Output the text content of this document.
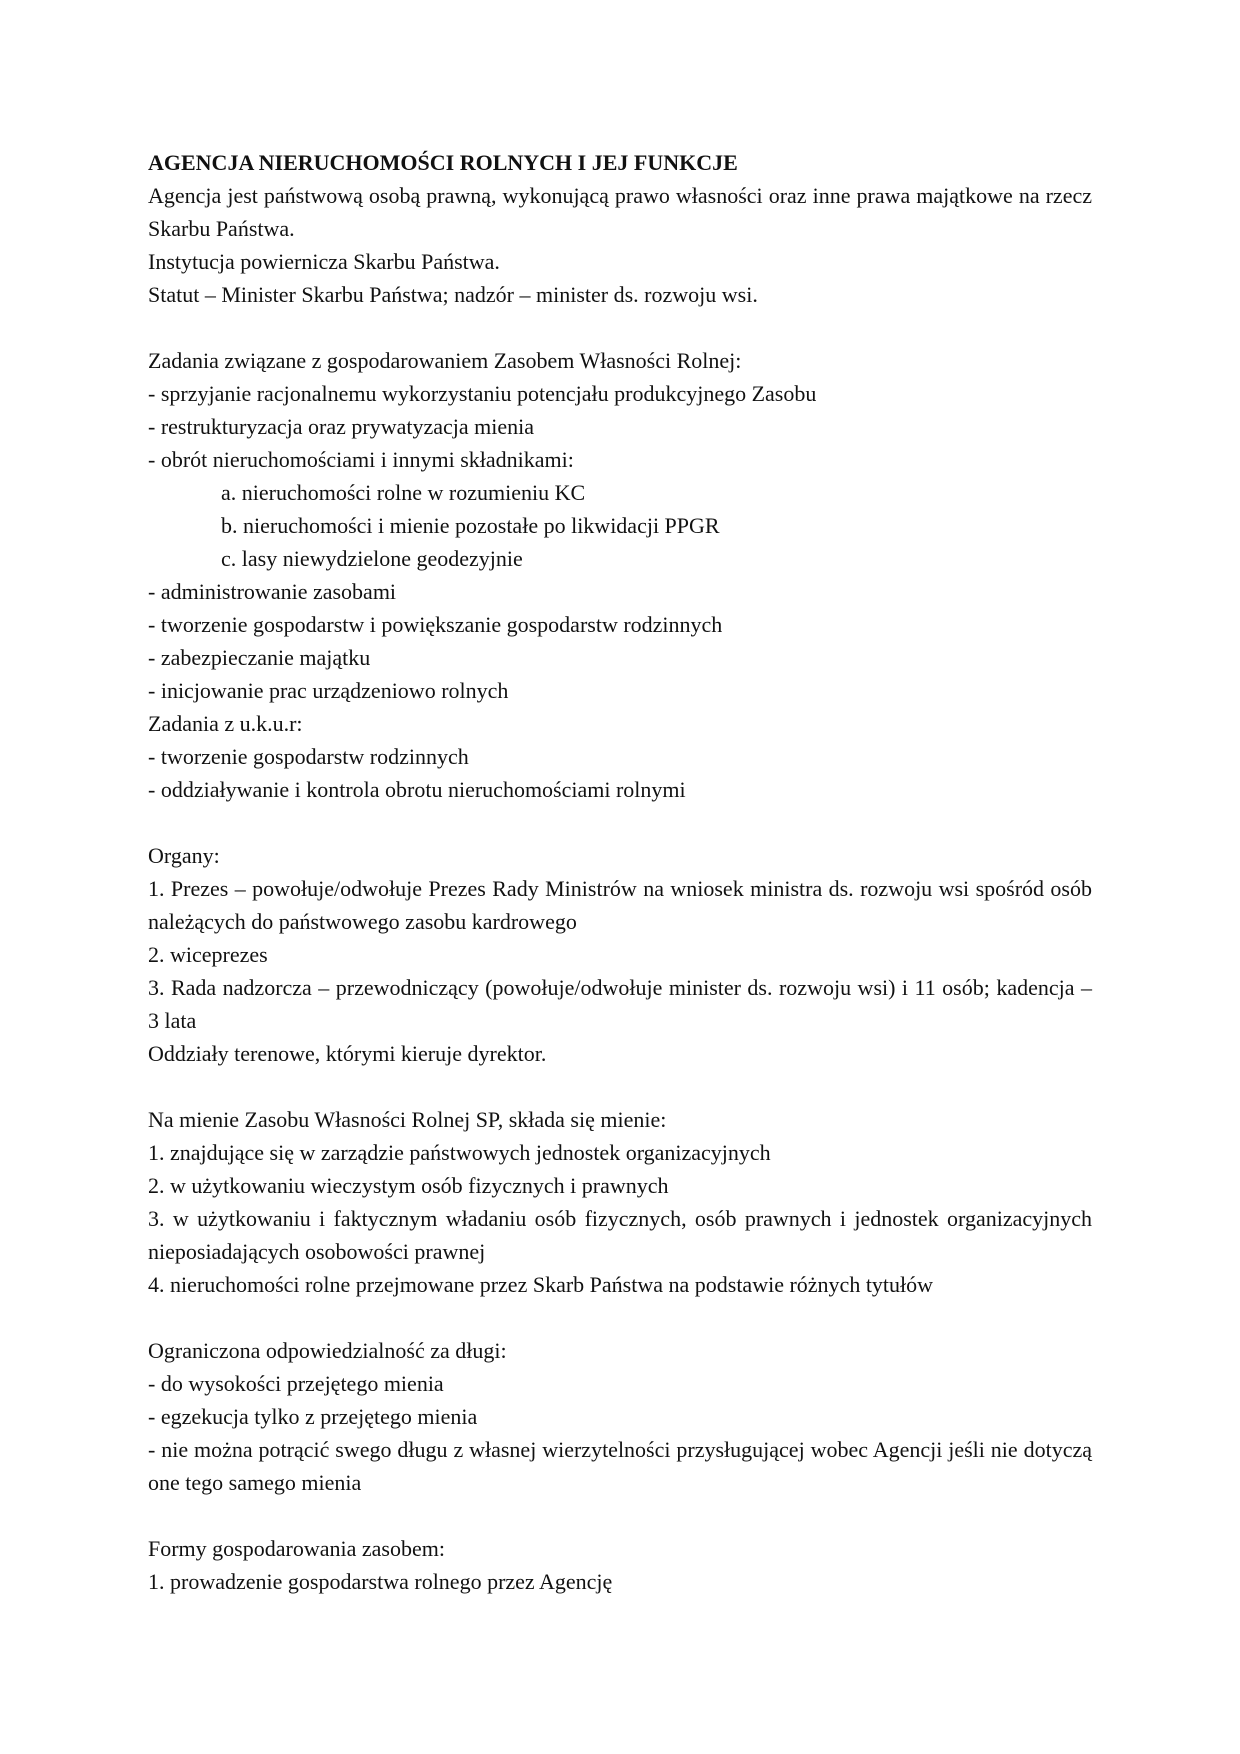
AGENCJA NIERUCHOMOŚCI ROLNYCH I JEJ FUNKCJE
Agencja jest państwową osobą prawną, wykonującą prawo własności oraz inne prawa majątkowe na rzecz Skarbu Państwa.
Instytucja powiernicza Skarbu Państwa.
Statut – Minister Skarbu Państwa; nadzór – minister ds. rozwoju wsi.
Zadania związane z gospodarowaniem Zasobem Własności Rolnej:
- sprzyjanie racjonalnemu wykorzystaniu potencjału produkcyjnego Zasobu
- restrukturyzacja oraz prywatyzacja mienia
- obrót nieruchomościami i innymi składnikami:
a. nieruchomości rolne w rozumieniu KC
b. nieruchomości i mienie pozostałe po likwidacji PPGR
c. lasy niewydzielone geodezyjnie
- administrowanie zasobami
- tworzenie gospodarstw i powiększanie gospodarstw rodzinnych
- zabezpieczanie majątku
- inicjowanie prac urządzeniowo rolnych
Zadania z u.k.u.r:
- tworzenie gospodarstw rodzinnych
- oddziaływanie i kontrola obrotu nieruchomościami rolnymi
Organy:
1. Prezes – powołuje/odwołuje Prezes Rady Ministrów na wniosek ministra ds. rozwoju wsi spośród osób należących do państwowego zasobu kardrowego
2. wiceprezes
3. Rada nadzorcza – przewodniczący (powołuje/odwołuje minister ds. rozwoju wsi) i 11 osób; kadencja – 3 lata
Oddziały terenowe, którymi kieruje dyrektor.
Na mienie Zasobu Własności Rolnej SP, składa się mienie:
1. znajdujące się w zarządzie państwowych jednostek organizacyjnych
2. w użytkowaniu wieczystym osób fizycznych i prawnych
3. w użytkowaniu i faktycznym władaniu osób fizycznych, osób prawnych i jednostek organizacyjnych nieposiadających osobowości prawnej
4. nieruchomości rolne przejmowane przez Skarb Państwa na podstawie różnych tytułów
Ograniczona odpowiedzialność za długi:
- do wysokości przejętego mienia
- egzekucja tylko z przejętego mienia
- nie można potrącić swego długu z własnej wierzytelności przysługującej wobec Agencji jeśli nie dotyczą one tego samego mienia
Formy gospodarowania zasobem:
1. prowadzenie gospodarstwa rolnego przez Agencję
